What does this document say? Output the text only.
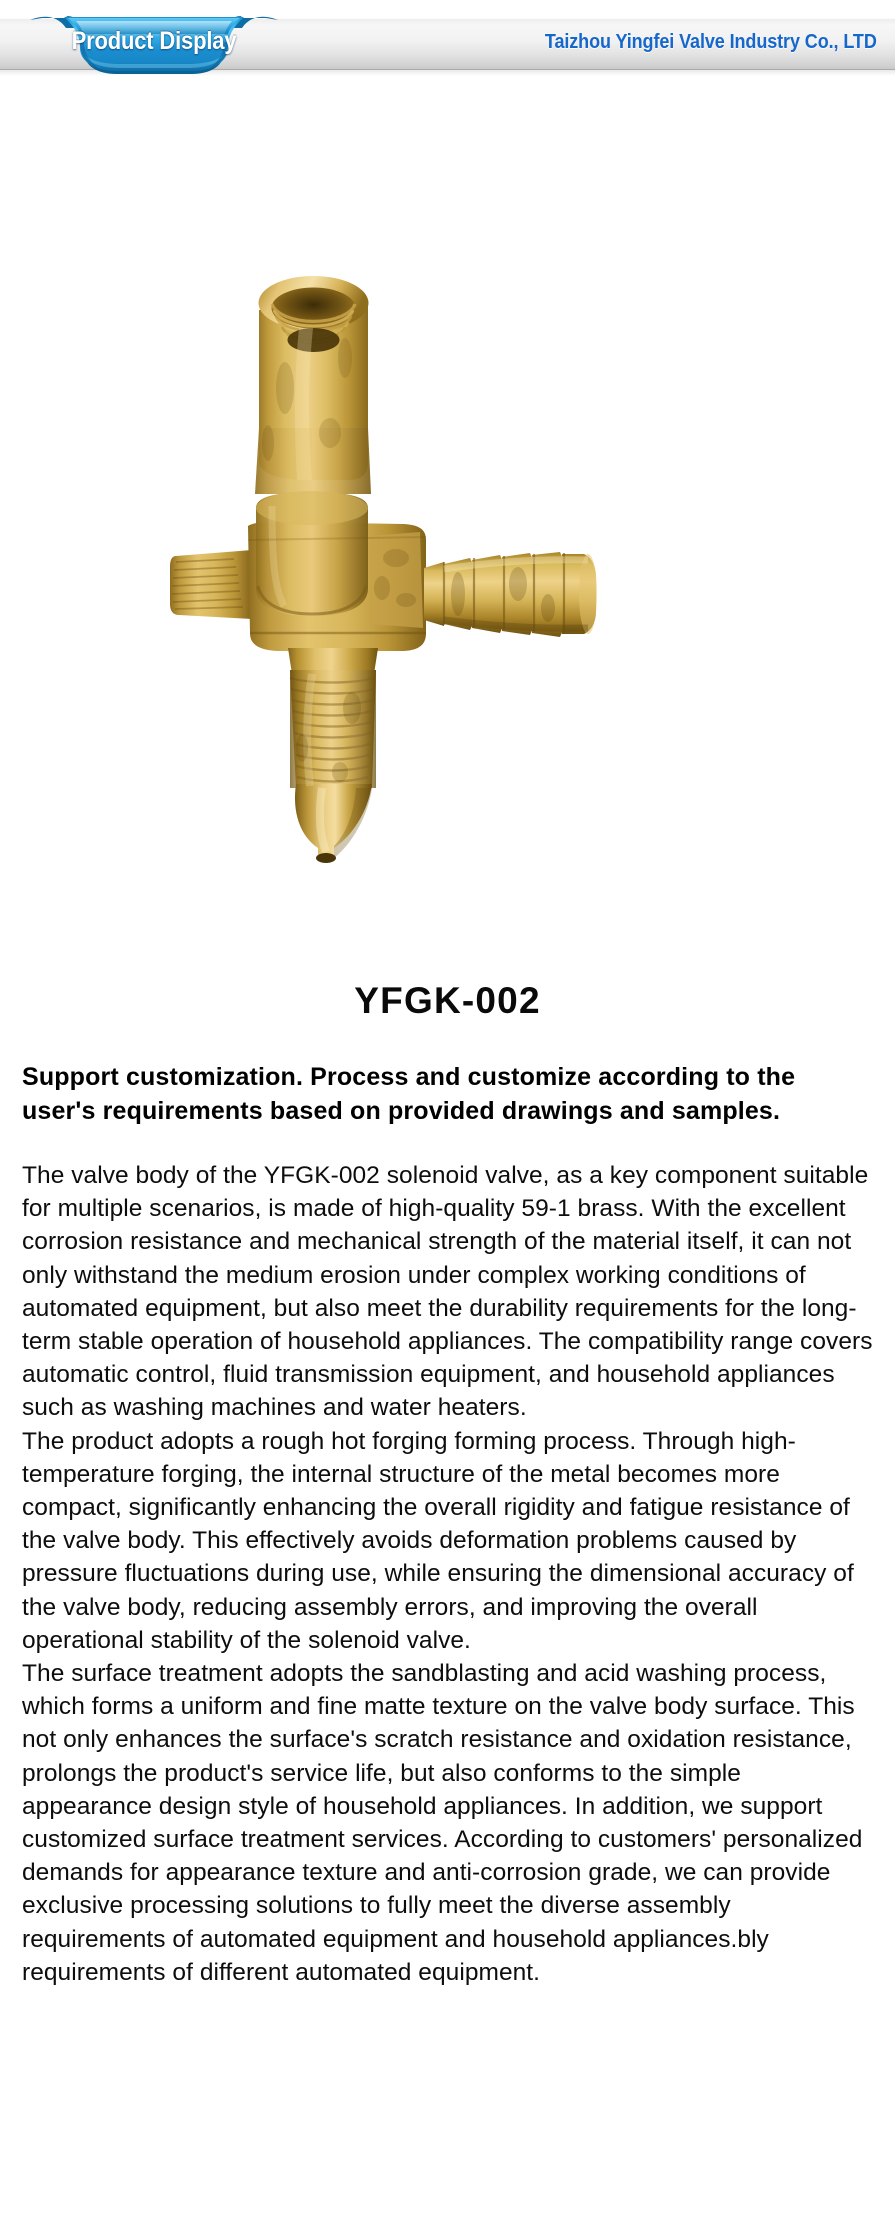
Product Display	Taizhou Yingfei Valve Industry Co., LTD
YFGK-002
Support customization. Process and customize according to the user's requirements based on provided drawings and samples.

The valve body of the YFGK-002 solenoid valve, as a key component suitable for multiple scenarios, is made of high-quality 59-1 brass. With the excellent corrosion resistance and mechanical strength of the material itself, it can not only withstand the medium erosion under complex working conditions of automated equipment, but also meet the durability requirements for the long-term stable operation of household appliances. The compatibility range covers automatic control, fluid transmission equipment, and household appliances such as washing machines and water heaters.

The product adopts a rough hot forging forming process. Through high-temperature forging, the internal structure of the metal becomes more compact, significantly enhancing the overall rigidity and fatigue resistance of the valve body. This effectively avoids deformation problems caused by pressure fluctuations during use, while ensuring the dimensional accuracy of the valve body, reducing assembly errors, and improving the overall operational stability of the solenoid valve.

The surface treatment adopts the sandblasting and acid washing process, which forms a uniform and fine matte texture on the valve body surface. This not only enhances the surface's scratch resistance and oxidation resistance, prolongs the product's service life, but also conforms to the simple appearance design style of household appliances. In addition, we support customized surface treatment services. According to customers' personalized demands for appearance texture and anti-corrosion grade, we can provide exclusive processing solutions to fully meet the diverse assembly requirements of automated equipment and household appliances.bly requirements of different automated equipment.
